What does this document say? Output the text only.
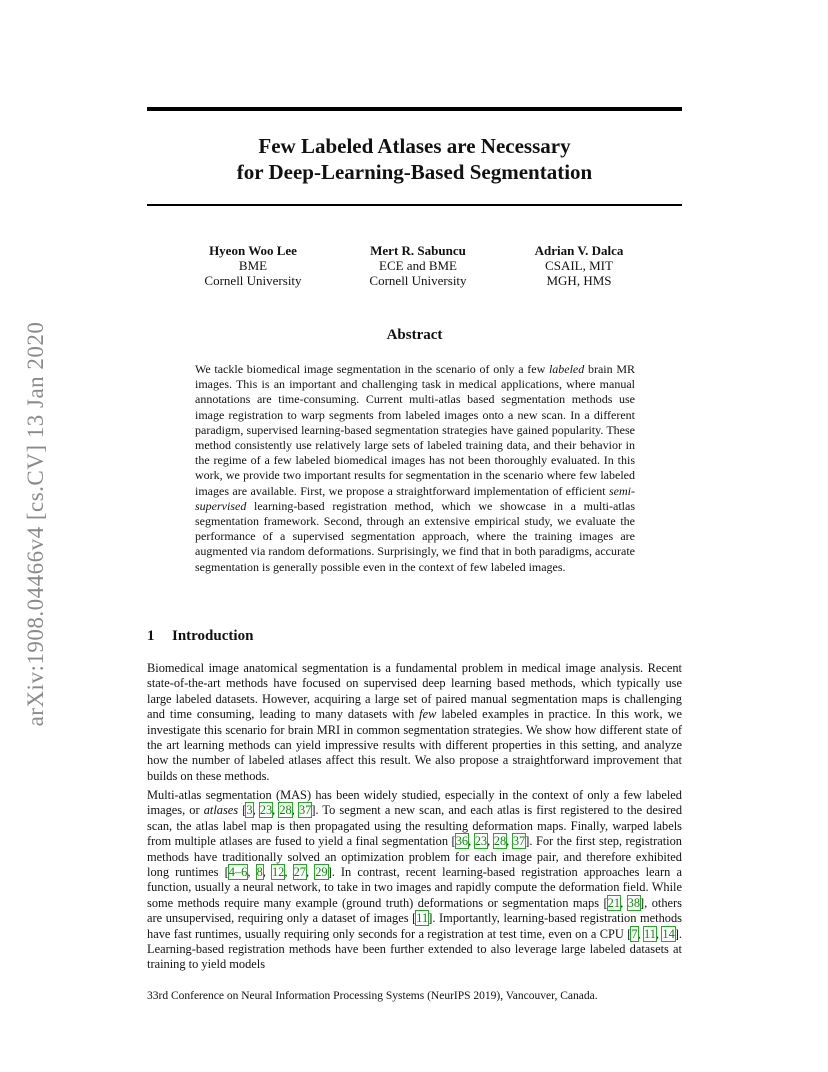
arXiv:1908.04466v4 [cs.CV] 13 Jan 2020
Few Labeled Atlases are Necessary
for Deep-Learning-Based Segmentation
Hyeon Woo Lee
BME
Cornell University
Mert R. Sabuncu
ECE and BME
Cornell University
Adrian V. Dalca
CSAIL, MIT
MGH, HMS
Abstract
We tackle biomedical image segmentation in the scenario of only a few labeled brain MR images. This is an important and challenging task in medical applications, where manual annotations are time-consuming. Current multi-atlas based segmentation methods use image registration to warp segments from labeled images onto a new scan. In a different paradigm, supervised learning-based segmentation strategies have gained popularity. These method consistently use relatively large sets of labeled training data, and their behavior in the regime of a few labeled biomedical images has not been thoroughly evaluated. In this work, we provide two important results for segmentation in the scenario where few labeled images are available. First, we propose a straightforward implementation of efficient semi-supervised learning-based registration method, which we showcase in a multi-atlas segmentation framework. Second, through an extensive empirical study, we evaluate the performance of a supervised segmentation approach, where the training images are augmented via random deformations. Surprisingly, we find that in both paradigms, accurate segmentation is generally possible even in the context of few labeled images.
1 Introduction
Biomedical image anatomical segmentation is a fundamental problem in medical image analysis. Recent state-of-the-art methods have focused on supervised deep learning based methods, which typically use large labeled datasets. However, acquiring a large set of paired manual segmentation maps is challenging and time consuming, leading to many datasets with few labeled examples in practice. In this work, we investigate this scenario for brain MRI in common segmentation strategies. We show how different state of the art learning methods can yield impressive results with different properties in this setting, and analyze how the number of labeled atlases affect this result. We also propose a straightforward improvement that builds on these methods.
Multi-atlas segmentation (MAS) has been widely studied, especially in the context of only a few labeled images, or atlases [3, 23, 28, 37]. To segment a new scan, and each atlas is first registered to the desired scan, the atlas label map is then propagated using the resulting deformation maps. Finally, warped labels from multiple atlases are fused to yield a final segmentation [36, 23, 28, 37]. For the first step, registration methods have traditionally solved an optimization problem for each image pair, and therefore exhibited long runtimes [4–6, 8, 12, 27, 29]. In contrast, recent learning-based registration approaches learn a function, usually a neural network, to take in two images and rapidly compute the deformation field. While some methods require many example (ground truth) deformations or segmentation maps [21, 38], others are unsupervised, requiring only a dataset of images [11]. Importantly, learning-based registration methods have fast runtimes, usually requiring only seconds for a registration at test time, even on a CPU [7, 11, 14]. Learning-based registration methods have been further extended to also leverage large labeled datasets at training to yield models
33rd Conference on Neural Information Processing Systems (NeurIPS 2019), Vancouver, Canada.
